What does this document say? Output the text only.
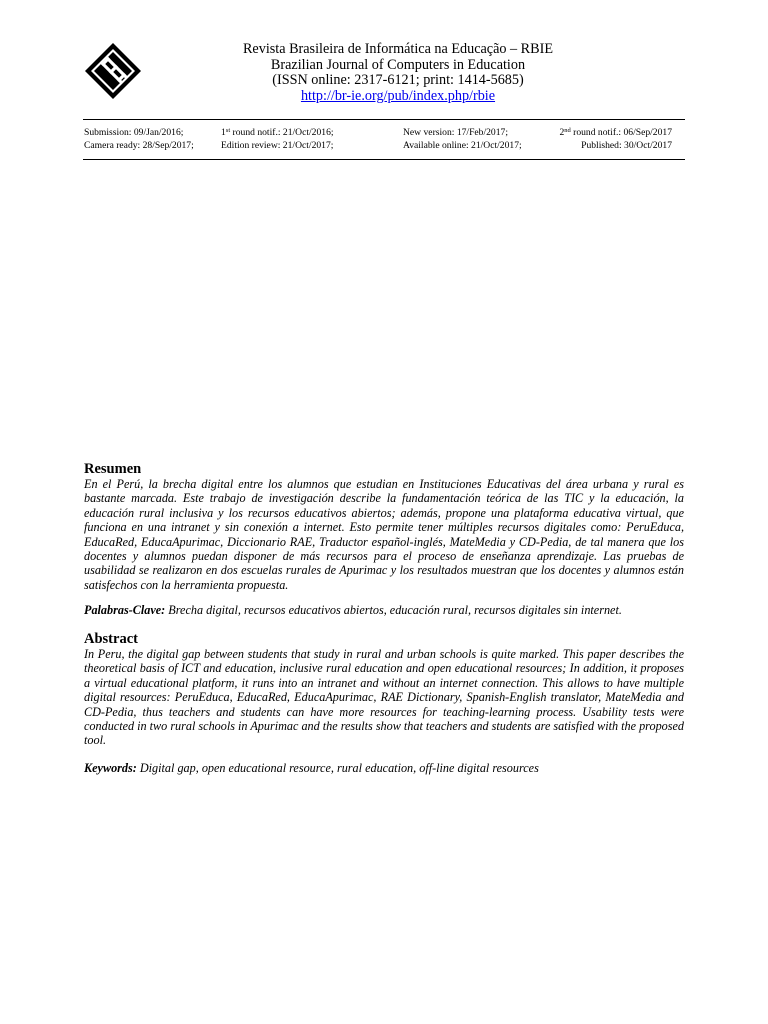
Revista Brasileira de Informática na Educação – RBIE
Brazilian Journal of Computers in Education
(ISSN online: 2317-6121; print: 1414-5685)
http://br-ie.org/pub/index.php/rbie
Submission: 09/Jan/2016;	1st round notif.: 21/Oct/2016;	New version: 17/Feb/2017;	2nd round notif.: 06/Sep/2017
Camera ready: 28/Sep/2017;	Edition review: 21/Oct/2017;	Available online: 21/Oct/2017;	Published: 30/Oct/2017
Resumen

En el Perú, la brecha digital entre los alumnos que estudian en Instituciones Educativas del área urbana y rural es bastante marcada. Este trabajo de investigación describe la fundamentación teórica de las TIC y la educación, la educación rural inclusiva y los recursos educativos abiertos; además, propone una plataforma educativa virtual, que funciona en una intranet y sin conexión a internet. Esto permite tener múltiples recursos digitales como: PeruEduca, EducaRed, EducaApurimac, Diccionario RAE, Traductor español-inglés, MateMedia y CD-Pedia, de tal manera que los docentes y alumnos puedan disponer de más recursos para el proceso de enseñanza aprendizaje. Las pruebas de usabilidad se realizaron en dos escuelas rurales de Apurimac y los resultados muestran que los docentes y alumnos están satisfechos con la herramienta propuesta.

Palabras-Clave: Brecha digital, recursos educativos abiertos, educación rural, recursos digitales sin internet.
Abstract

In Peru, the digital gap between students that study in rural and urban schools is quite marked. This paper describes the theoretical basis of ICT and education, inclusive rural education and open educational resources; In addition, it proposes a virtual educational platform, it runs into an intranet and without an internet connection. This allows to have multiple digital resources: PeruEduca, EducaRed, EducaApurimac, RAE Dictionary, Spanish-English translator, MateMedia and CD-Pedia, thus teachers and students can have more resources for teaching-learning process. Usability tests were conducted in two rural schools in Apurimac and the results show that teachers and students are satisfied with the proposed tool.

Keywords: Digital gap, open educational resource, rural education, off-line digital resources
